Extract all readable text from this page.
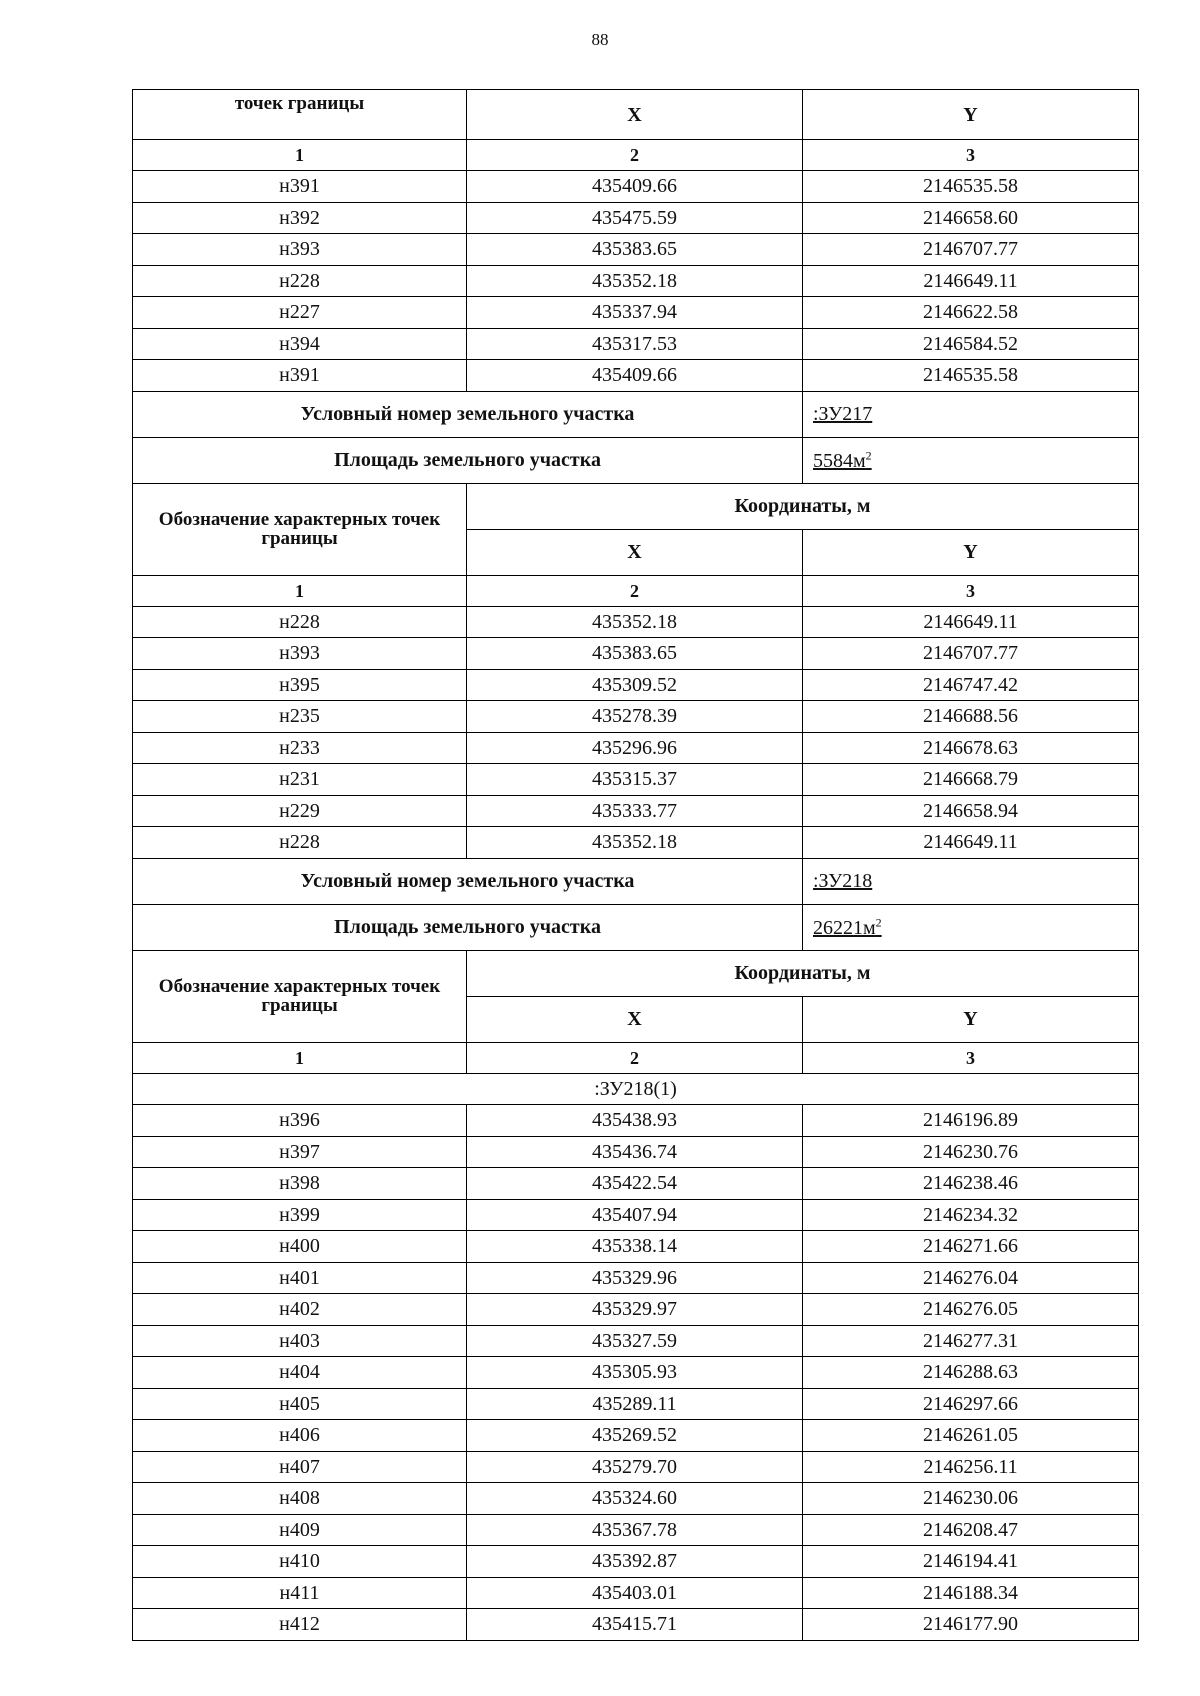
88
точек границы	X	Y
1	2	3
н391	435409.66	2146535.58
н392	435475.59	2146658.60
н393	435383.65	2146707.77
н228	435352.18	2146649.11
н227	435337.94	2146622.58
н394	435317.53	2146584.52
н391	435409.66	2146535.58
Условный номер земельного участка		:ЗУ217
Площадь земельного участка		$5584м^2$
Обозначение характерных точек границы	Координаты, м	
	X	Y
1	2	3
н228	435352.18	2146649.11
н393	435383.65	2146707.77
н395	435309.52	2146747.42
н235	435278.39	2146688.56
н233	435296.96	2146678.63
н231	435315.37	2146668.79
н229	435333.77	2146658.94
н228	435352.18	2146649.11
Условный номер земельного участка		:ЗУ218
Площадь земельного участка		$26221м^2$
Обозначение характерных точек границы	Координаты, м	
	X	Y
1	2	3
:ЗУ218(1)		
н396	435438.93	2146196.89
н397	435436.74	2146230.76
н398	435422.54	2146238.46
н399	435407.94	2146234.32
н400	435338.14	2146271.66
н401	435329.96	2146276.04
н402	435329.97	2146276.05
н403	435327.59	2146277.31
н404	435305.93	2146288.63
н405	435289.11	2146297.66
н406	435269.52	2146261.05
н407	435279.70	2146256.11
н408	435324.60	2146230.06
н409	435367.78	2146208.47
н410	435392.87	2146194.41
н411	435403.01	2146188.34
н412	435415.71	2146177.90
